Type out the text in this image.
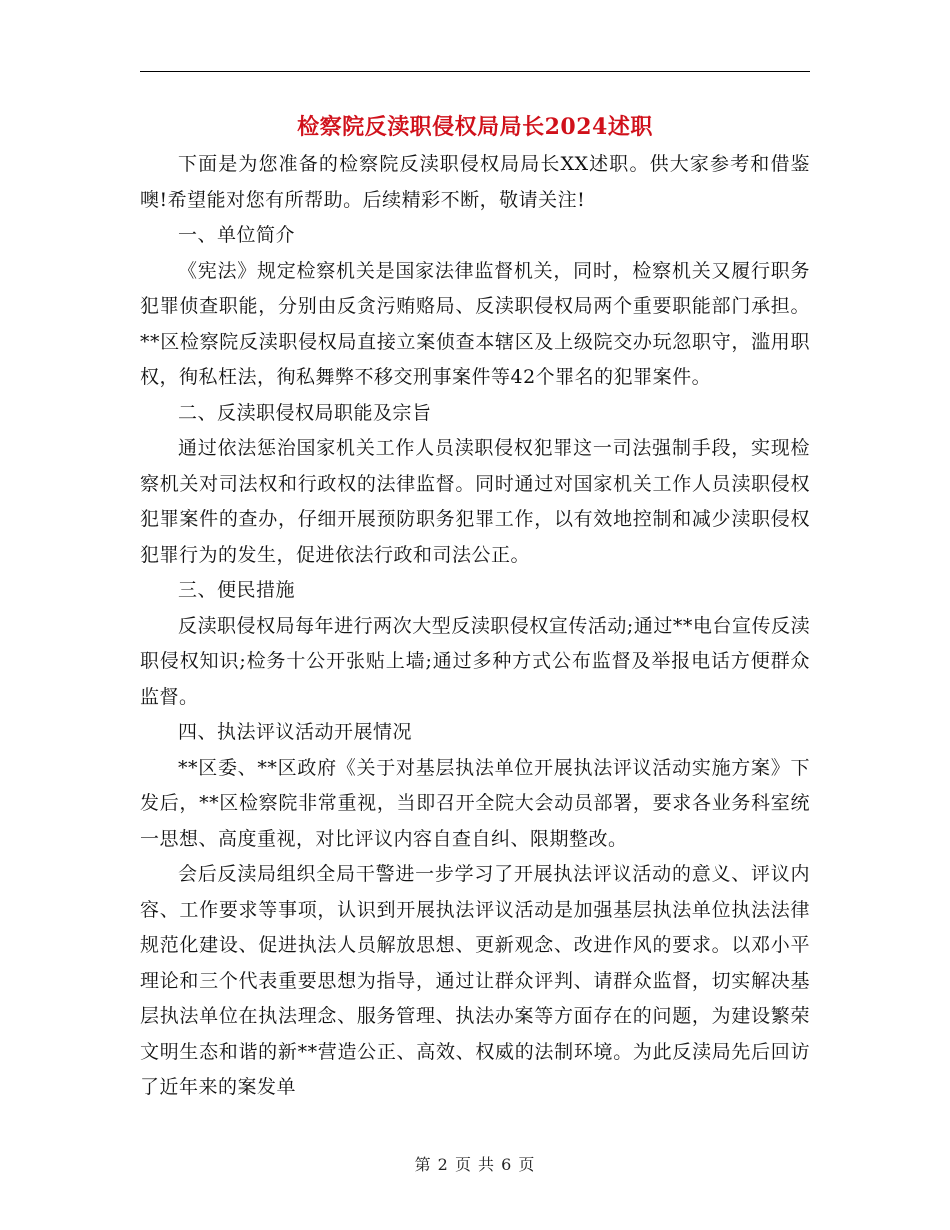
检察院反渎职侵权局局长2024述职

下面是为您准备的检察院反渎职侵权局局长XX述职。供大家参考和借鉴噢!希望能对您有所帮助。后续精彩不断，敬请关注!

一、单位简介

《宪法》规定检察机关是国家法律监督机关，同时，检察机关又履行职务犯罪侦查职能，分别由反贪污贿赂局、反渎职侵权局两个重要职能部门承担。**区检察院反渎职侵权局直接立案侦查本辖区及上级院交办玩忽职守，滥用职权，徇私枉法，徇私舞弊不移交刑事案件等42个罪名的犯罪案件。

二、反渎职侵权局职能及宗旨

通过依法惩治国家机关工作人员渎职侵权犯罪这一司法强制手段，实现检察机关对司法权和行政权的法律监督。同时通过对国家机关工作人员渎职侵权犯罪案件的查办，仔细开展预防职务犯罪工作，以有效地控制和减少渎职侵权犯罪行为的发生，促进依法行政和司法公正。

三、便民措施

反渎职侵权局每年进行两次大型反渎职侵权宣传活动;通过**电台宣传反渎职侵权知识;检务十公开张贴上墙;通过多种方式公布监督及举报电话方便群众监督。

四、执法评议活动开展情况

**区委、**区政府《关于对基层执法单位开展执法评议活动实施方案》下发后，**区检察院非常重视，当即召开全院大会动员部署，要求各业务科室统一思想、高度重视，对比评议内容自查自纠、限期整改。

会后反渎局组织全局干警进一步学习了开展执法评议活动的意义、评议内容、工作要求等事项，认识到开展执法评议活动是加强基层执法单位执法法律规范化建设、促进执法人员解放思想、更新观念、改进作风的要求。以邓小平理论和三个代表重要思想为指导，通过让群众评判、请群众监督，切实解决基层执法单位在执法理念、服务管理、执法办案等方面存在的问题，为建设繁荣文明生态和谐的新**营造公正、高效、权威的法制环境。为此反渎局先后回访了近年来的案发单

第 2 页 共 6 页
